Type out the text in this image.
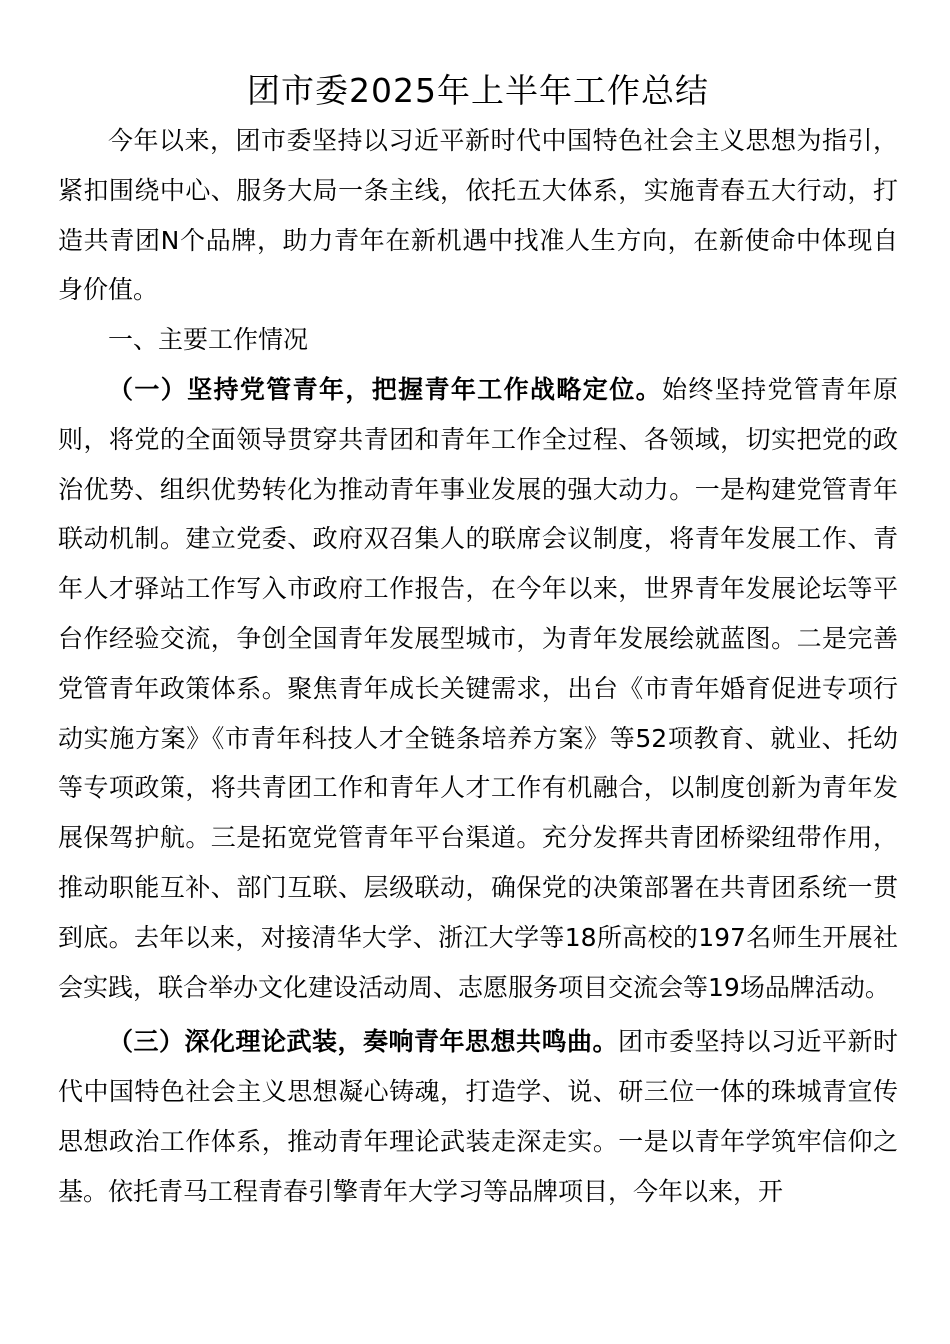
团市委2025年上半年工作总结

今年以来，团市委坚持以习近平新时代中国特色社会主义思想为指引，紧扣围绕中心、服务大局一条主线，依托五大体系，实施青春五大行动，打造共青团N个品牌，助力青年在新机遇中找准人生方向，在新使命中体现自身价值。

一、主要工作情况

（一）坚持党管青年，把握青年工作战略定位。始终坚持党管青年原则，将党的全面领导贯穿共青团和青年工作全过程、各领域，切实把党的政治优势、组织优势转化为推动青年事业发展的强大动力。一是构建党管青年联动机制。建立党委、政府双召集人的联席会议制度，将青年发展工作、青年人才驿站工作写入市政府工作报告，在今年以来，世界青年发展论坛等平台作经验交流，争创全国青年发展型城市，为青年发展绘就蓝图。二是完善党管青年政策体系。聚焦青年成长关键需求，出台《市青年婚育促进专项行动实施方案》《市青年科技人才全链条培养方案》等52项教育、就业、托幼等专项政策，将共青团工作和青年人才工作有机融合，以制度创新为青年发展保驾护航。三是拓宽党管青年平台渠道。充分发挥共青团桥梁纽带作用，推动职能互补、部门互联、层级联动，确保党的决策部署在共青团系统一贯到底。去年以来，对接清华大学、浙江大学等18所高校的197名师生开展社会实践，联合举办文化建设活动周、志愿服务项目交流会等19场品牌活动。

（三）深化理论武装，奏响青年思想共鸣曲。团市委坚持以习近平新时代中国特色社会主义思想凝心铸魂，打造学、说、研三位一体的珠城青宣传思想政治工作体系，推动青年理论武装走深走实。一是以青年学筑牢信仰之基。依托青马工程青春引擎青年大学习等品牌项目，今年以来，开
